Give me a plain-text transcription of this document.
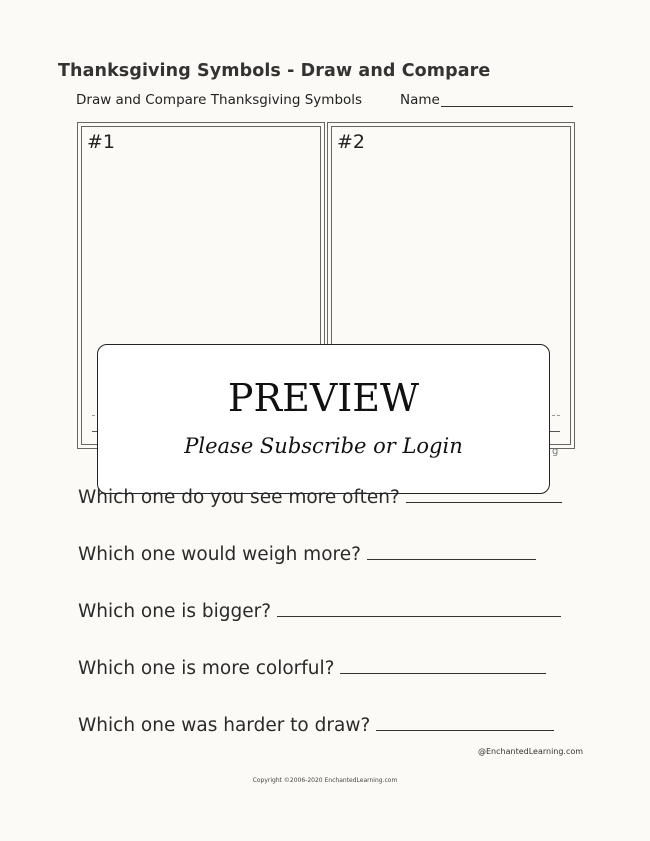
Thanksgiving Symbols - Draw and Compare
Draw and Compare Thanksgiving Symbols	Name
#1	#2
g
PREVIEW
Please Subscribe or Login
Which one do you see more often?
Which one would weigh more?
Which one is bigger?
Which one is more colorful?
Which one was harder to draw?
@EnchantedLearning.com
Copyright ©2006-2020 EnchantedLearning.com
